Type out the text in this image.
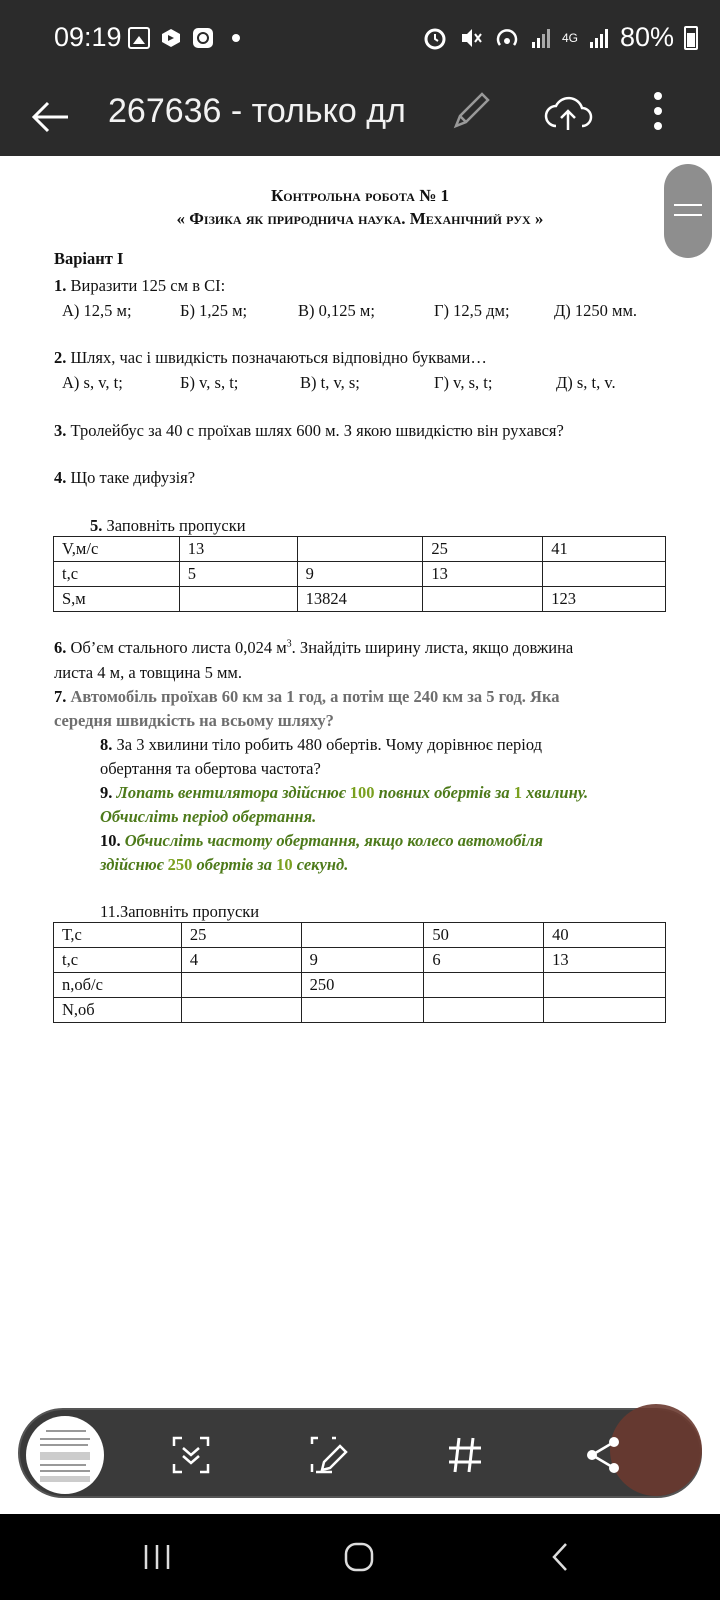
09:19	4G 80%
267636 - только дл
Контрольна робота № 1
« Фізика як природнича наука. Механічний рух »
Варіант І
1. Виразити 125 см в СІ:
А) 12,5 м;	Б) 1,25 м;	В) 0,125 м;	Г) 12,5 дм;	Д) 1250 мм.
2. Шлях, час і швидкість позначаються відповідно буквами…
А) s, v, t;	Б) v, s, t;	В) t, v, s;	Г) v, s, t;	Д) s, t, v.
3. Тролейбус за 40 с проїхав шлях 600 м. З якою швидкістю він рухався?
4. Що таке дифузія?
5. Заповніть пропуски
V,м/с	13		25	41
t,с	5	9	13	
S,м		13824		123
6. Об’єм стального листа 0,024 $м^3$. Знайдіть ширину листа, якщо довжина
листа 4 м, а товщина 5 мм.
7. Автомобіль проїхав 60 км за 1 год, а потім ще 240 км за 5 год. Яка
середня швидкість на всьому шляху?
8. За 3 хвилини тіло робить 480 обертів. Чому дорівнює період
обертання та обертова частота?
9. Лопать вентилятора здійснює 100 повних обертів за 1 хвилину.
Обчисліть період обертання.
10. Обчисліть частоту обертання, якщо колесо автомобіля
здійснює 250 обертів за 10 секунд.
11.Заповніть пропуски
Т,с	25		50	40
t,с	4	9	6	13
n,об/с		250		
N,об				
